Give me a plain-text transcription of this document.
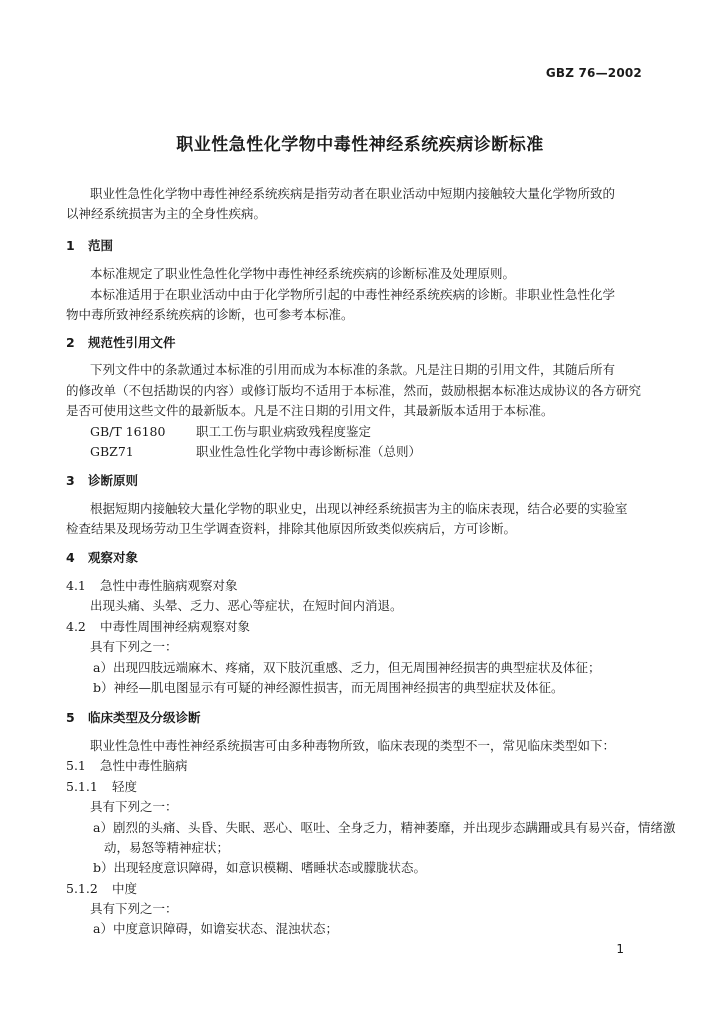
GBZ 76—2002
职业性急性化学物中毒性神经系统疾病诊断标准
职业性急性化学物中毒性神经系统疾病是指劳动者在职业活动中短期内接触较大量化学物所致的
以神经系统损害为主的全身性疾病。
1 范围
本标准规定了职业性急性化学物中毒性神经系统疾病的诊断标准及处理原则。
本标准适用于在职业活动中由于化学物所引起的中毒性神经系统疾病的诊断。非职业性急性化学
物中毒所致神经系统疾病的诊断，也可参考本标准。
2 规范性引用文件
下列文件中的条款通过本标准的引用而成为本标准的条款。凡是注日期的引用文件，其随后所有
的修改单（不包括勘误的内容）或修订版均不适用于本标准，然而，鼓励根据本标准达成协议的各方研究
是否可使用这些文件的最新版本。凡是不注日期的引用文件，其最新版本适用于本标准。
GB/T 16180 职工工伤与职业病致残程度鉴定
GBZ71	职业性急性化学物中毒诊断标准（总则）
3 诊断原则
根据短期内接触较大量化学物的职业史，出现以神经系统损害为主的临床表现，结合必要的实验室
检查结果及现场劳动卫生学调查资料，排除其他原因所致类似疾病后，方可诊断。
4 观察对象
4.1 急性中毒性脑病观察对象
出现头痛、头晕、乏力、恶心等症状，在短时间内消退。
4.2 中毒性周围神经病观察对象
具有下列之一：
a）出现四肢远端麻木、疼痛，双下肢沉重感、乏力，但无周围神经损害的典型症状及体征；
b）神经—肌电图显示有可疑的神经源性损害，而无周围神经损害的典型症状及体征。
5 临床类型及分级诊断
职业性急性中毒性神经系统损害可由多种毒物所致，临床表现的类型不一，常见临床类型如下：
5.1 急性中毒性脑病
5.1.1 轻度
具有下列之一：
a）剧烈的头痛、头昏、失眠、恶心、呕吐、全身乏力，精神萎靡，并出现步态蹒跚或具有易兴奋，情绪激
动，易怒等精神症状；
b）出现轻度意识障碍，如意识模糊、嗜睡状态或朦胧状态。
5.1.2 中度
具有下列之一：
a）中度意识障碍，如谵妄状态、混浊状态；
1
